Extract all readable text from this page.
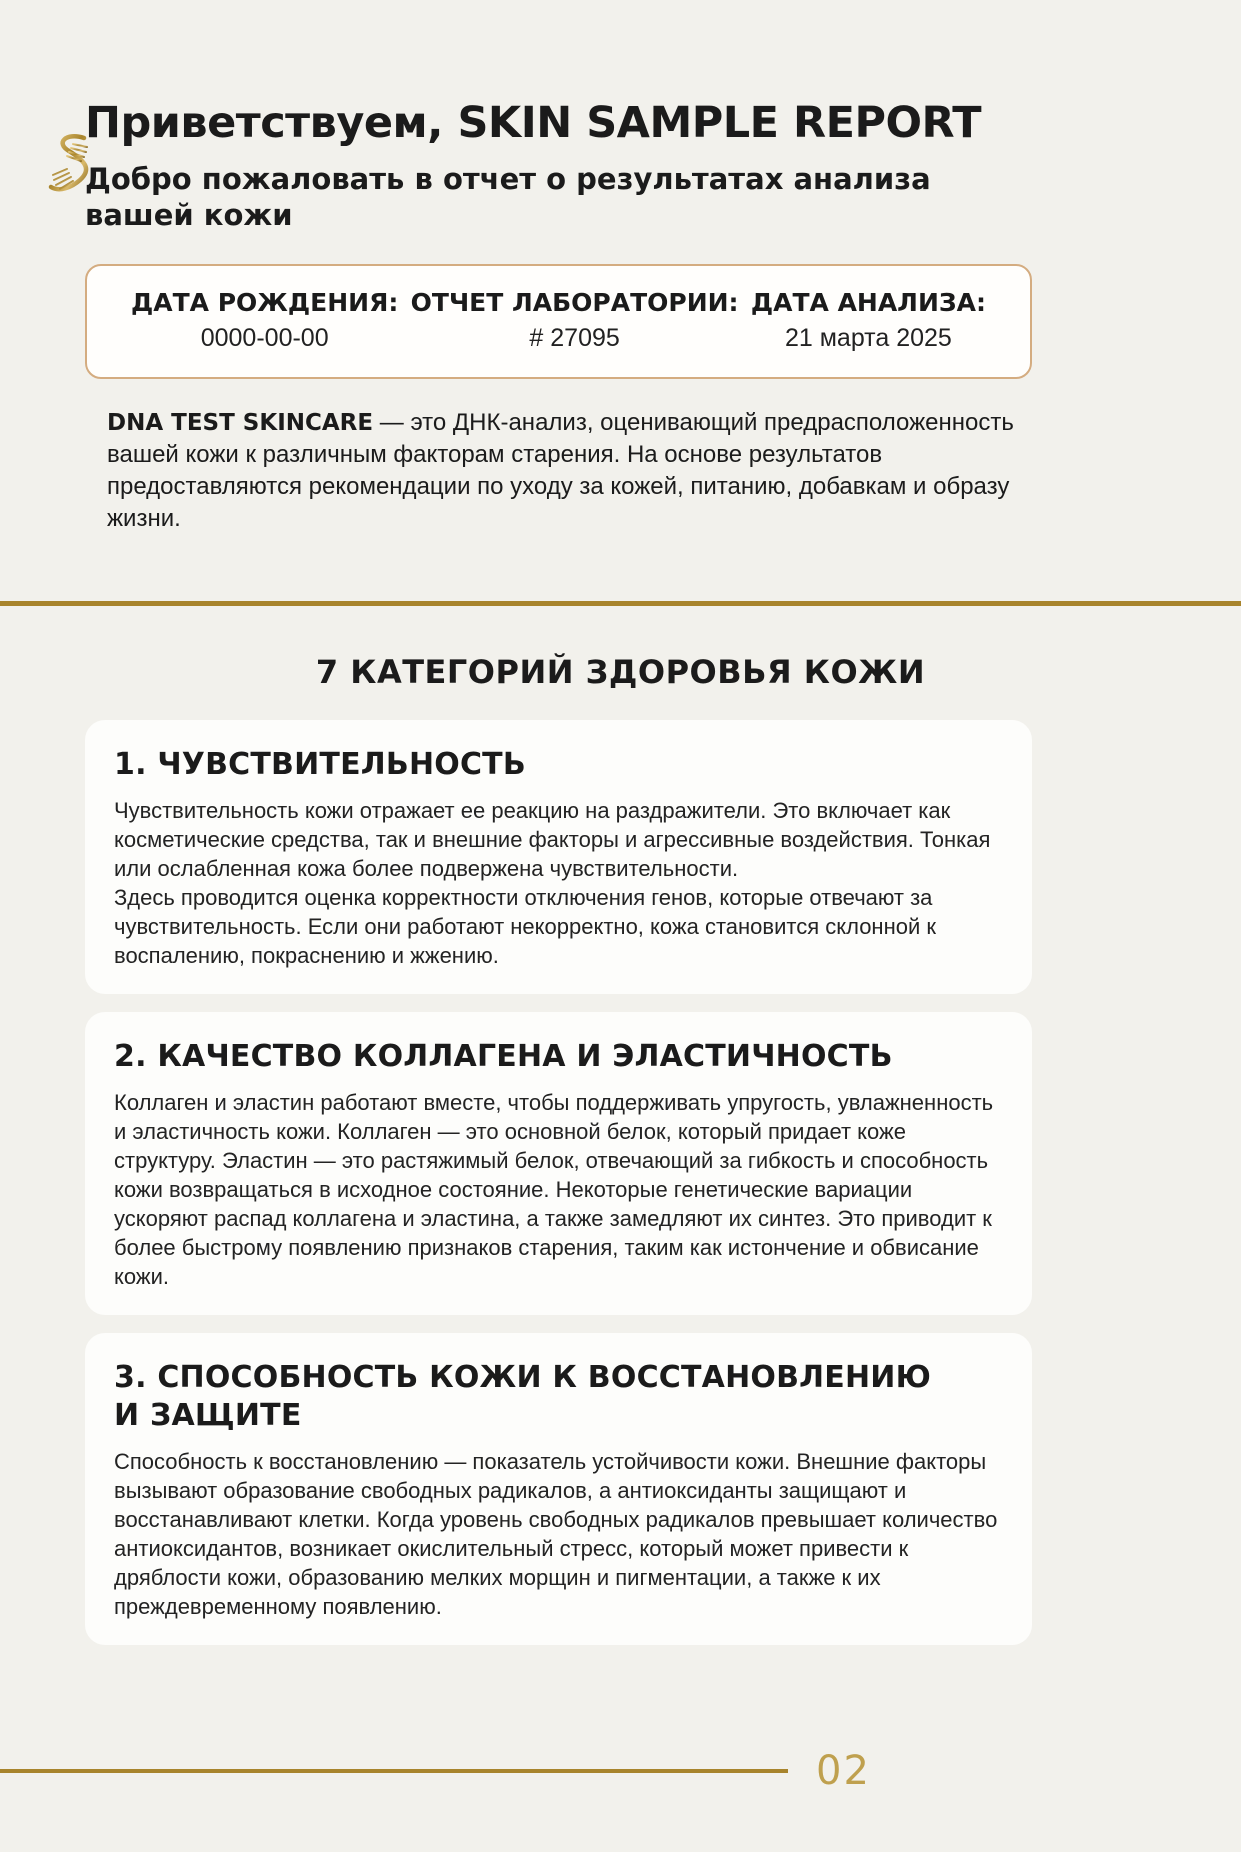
Приветствуем, SKIN SAMPLE REPORT
Добро пожаловать в отчет о результатах анализа
вашей кожи
ДАТА РОЖДЕНИЯ:
0000-00-00
ОТЧЕТ ЛАБОРАТОРИИ:
# 27095
ДАТА АНАЛИЗА:
21 марта 2025

DNA TEST SKINCARE — это ДНК-анализ, оценивающий предрасположенность вашей кожи к различным факторам старения. На основе результатов предоставляются рекомендации по уходу за кожей, питанию, добавкам и образу жизни.

7 КАТЕГОРИЙ ЗДОРОВЬЯ КОЖИ
1. ЧУВСТВИТЕЛЬНОСТЬ
Чувствительность кожи отражает ее реакцию на раздражители. Это включает как косметические средства, так и внешние факторы и агрессивные воздействия. Тонкая или ослабленная кожа более подвержена чувствительности.
Здесь проводится оценка корректности отключения генов, которые отвечают за чувствительность. Если они работают некорректно, кожа становится склонной к воспалению, покраснению и жжению.
2. КАЧЕСТВО КОЛЛАГЕНА И ЭЛАСТИЧНОСТЬ
Коллаген и эластин работают вместе, чтобы поддерживать упругость, увлажненность и эластичность кожи. Коллаген — это основной белок, который придает коже структуру. Эластин — это растяжимый белок, отвечающий за гибкость и способность кожи возвращаться в исходное состояние. Некоторые генетические вариации ускоряют распад коллагена и эластина, а также замедляют их синтез. Это приводит к более быстрому появлению признаков старения, таким как истончение и обвисание кожи.
3. СПОСОБНОСТЬ КОЖИ К ВОССТАНОВЛЕНИЮ
И ЗАЩИТЕ
Способность к восстановлению — показатель устойчивости кожи. Внешние факторы вызывают образование свободных радикалов, а антиоксиданты защищают и восстанавливают клетки. Когда уровень свободных радикалов превышает количество антиоксидантов, возникает окислительный стресс, который может привести к дряблости кожи, образованию мелких морщин и пигментации, а также к их преждевременному появлению.
02
